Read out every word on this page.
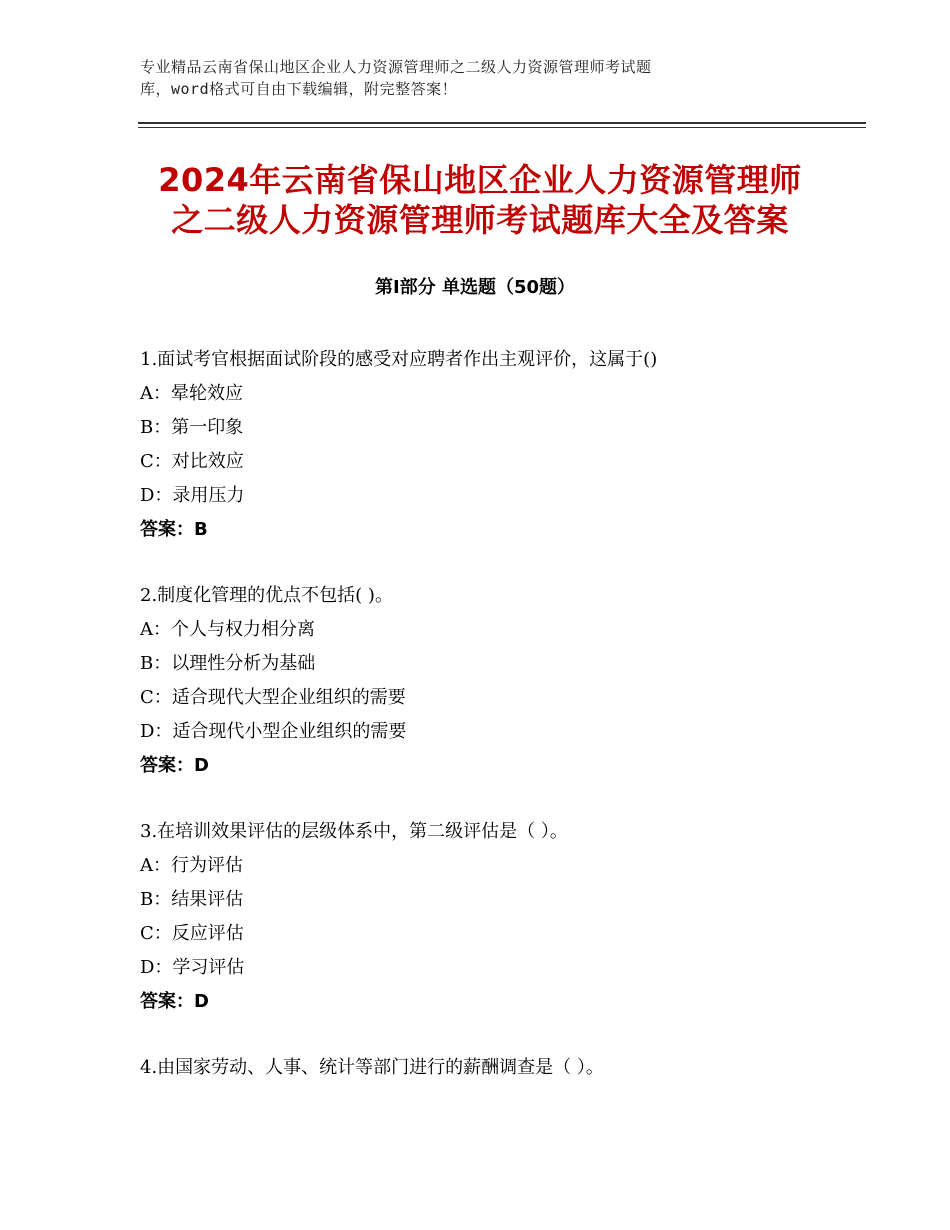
专业精品云南省保山地区企业人力资源管理师之二级人力资源管理师考试题
库，word格式可自由下载编辑，附完整答案！
2024年云南省保山地区企业人力资源管理师
之二级人力资源管理师考试题库大全及答案
第Ⅰ部分 单选题（50题）
1.面试考官根据面试阶段的感受对应聘者作出主观评价，这属于()
A：晕轮效应
B：第一印象
C：对比效应
D：录用压力
答案：B
2.制度化管理的优点不包括( )。
A：个人与权力相分离
B：以理性分析为基础
C：适合现代大型企业组织的需要
D：适合现代小型企业组织的需要
答案：D
3.在培训效果评估的层级体系中，第二级评估是（ ）。
A：行为评估
B：结果评估
C：反应评估
D：学习评估
答案：D
4.由国家劳动、人事、统计等部门进行的薪酬调查是（ ）。
